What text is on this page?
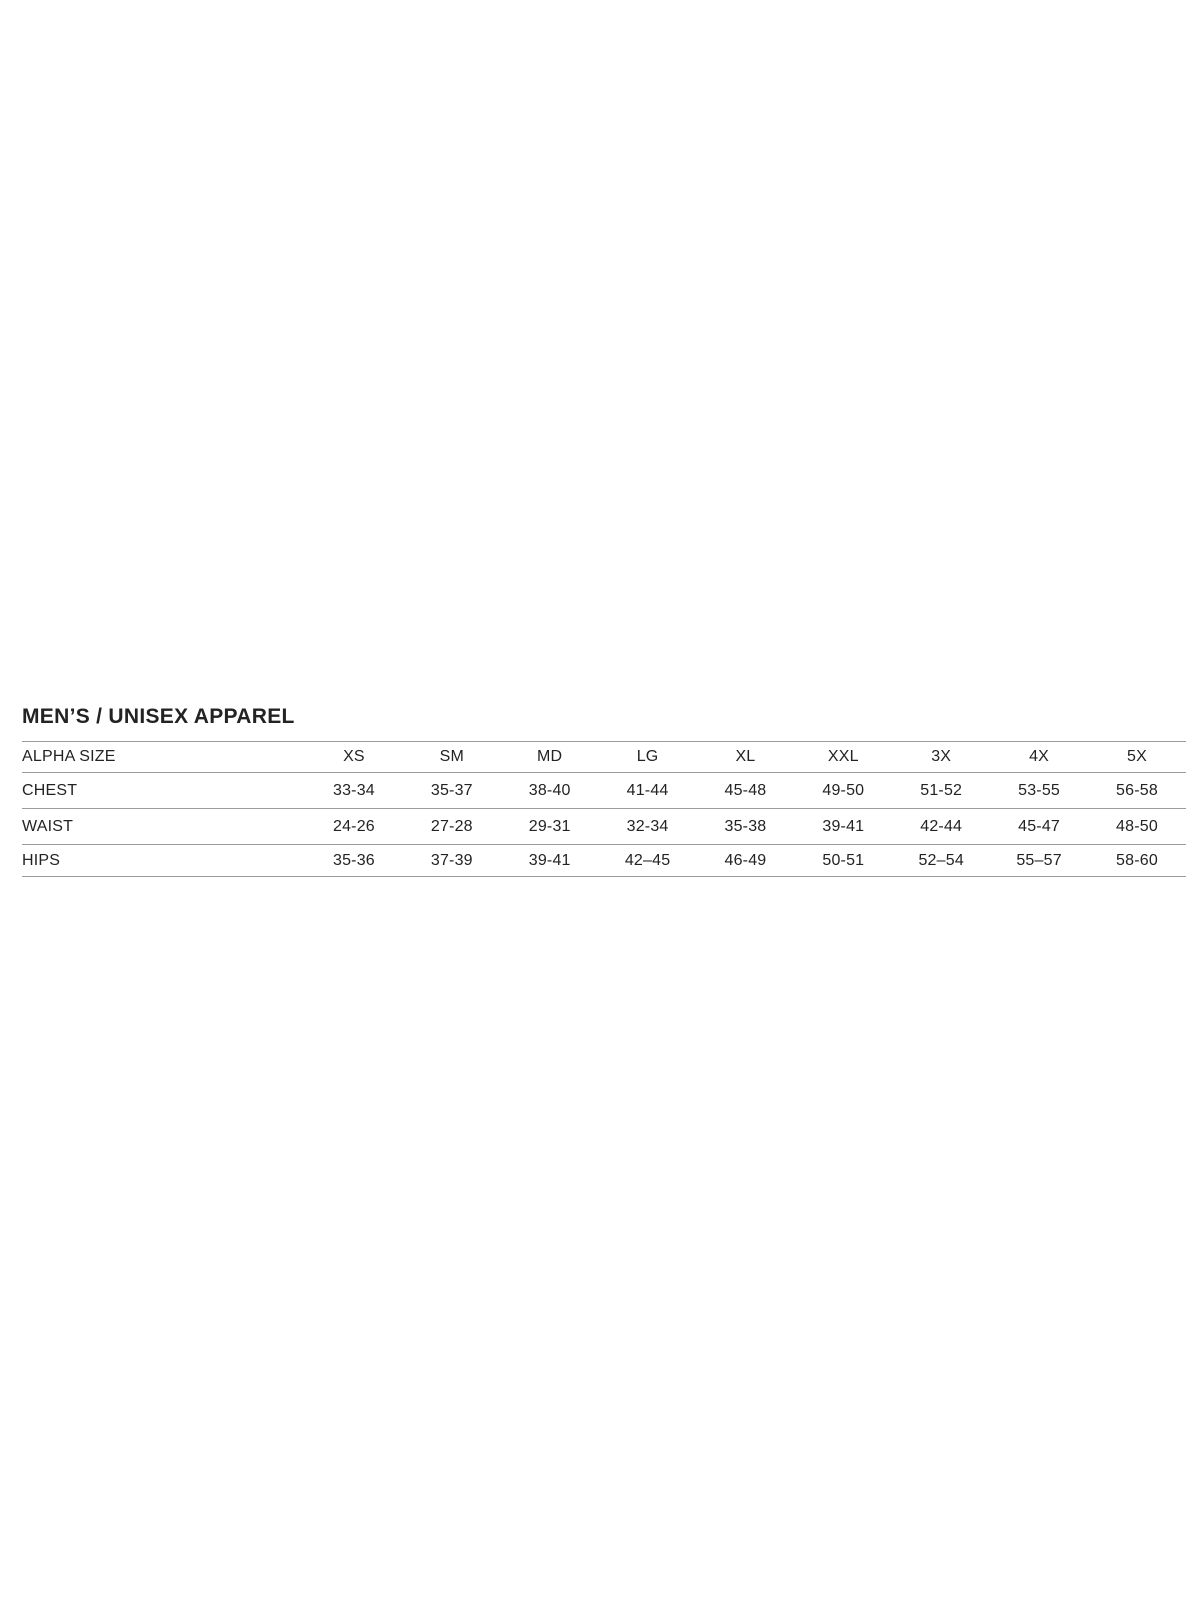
MEN’S / UNISEX APPAREL
ALPHA SIZE	XS	SM	MD	LG	XL	XXL	3X	4X	5X
CHEST	33-34	35-37	38-40	41-44	45-48	49-50	51-52	53-55	56-58
WAIST	24-26	27-28	29-31	32-34	35-38	39-41	42-44	45-47	48-50
HIPS	35-36	37-39	39-41	42–45	46-49	50-51	52–54	55–57	58-60
